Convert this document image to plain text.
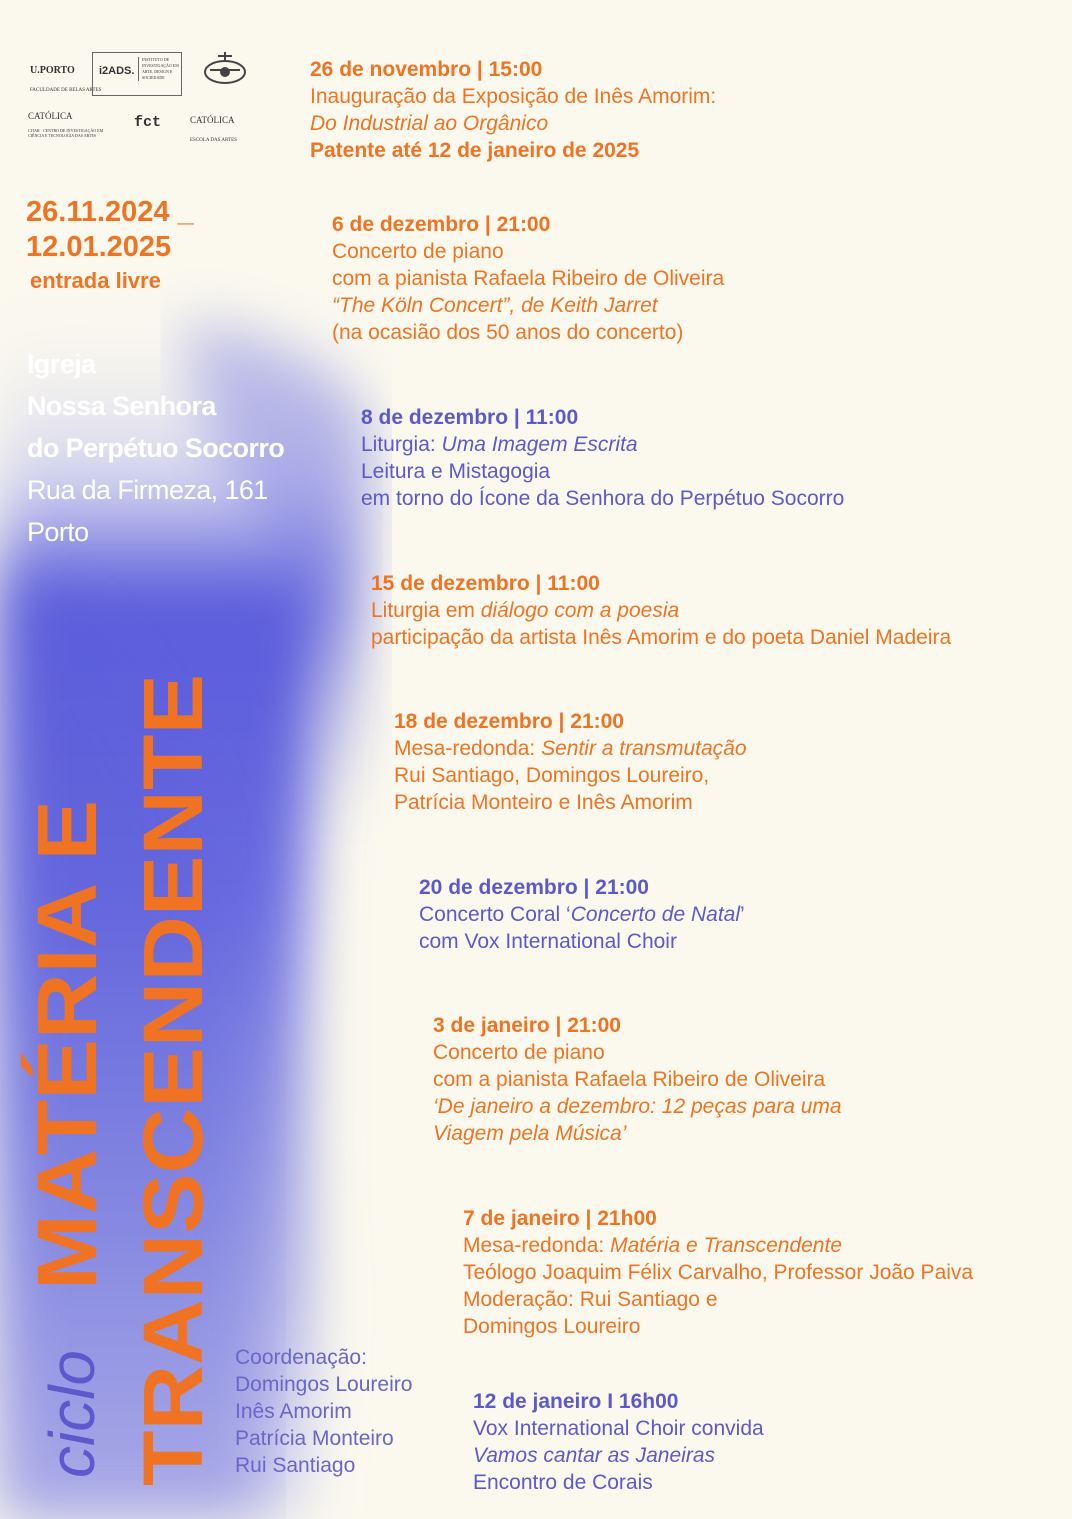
U.PORTO
FACULDADE DE BELAS ARTES
i2ADS.
INSTITUTO DE INVESTIGAÇÃO EM ARTE, DESIGN E SOCIEDADE
CATÓLICA
CITAR · CENTRO DE INVESTIGAÇÃO EM CIÊNCIA E TECNOLOGIA DAS ARTES
fct	CATÓLICA
ESCOLA DAS ARTES
26.11.2024 _
12.01.2025
entrada livre
Igreja
Nossa Senhora
do Perpétuo Socorro
Rua da Firmeza, 161
Porto
ciclo
MATÉRIA E TRANSCENDENTE
26 de novembro | 15:00
Inauguração da Exposição de Inês Amorim:
Do Industrial ao Orgânico
Patente até 12 de janeiro de 2025
6 de dezembro | 21:00
Concerto de piano
com a pianista Rafaela Ribeiro de Oliveira
“The Köln Concert”, de Keith Jarret
(na ocasião dos 50 anos do concerto)
8 de dezembro | 11:00
Liturgia: Uma Imagem Escrita
Leitura e Mistagogia
em torno do Ícone da Senhora do Perpétuo Socorro
15 de dezembro | 11:00
Liturgia em diálogo com a poesia
participação da artista Inês Amorim e do poeta Daniel Madeira
18 de dezembro | 21:00
Mesa-redonda: Sentir a transmutação
Rui Santiago, Domingos Loureiro,
Patrícia Monteiro e Inês Amorim
20 de dezembro | 21:00
Concerto Coral ‘Concerto de Natal’
com Vox International Choir
3 de janeiro | 21:00
Concerto de piano
com a pianista Rafaela Ribeiro de Oliveira
‘De janeiro a dezembro: 12 peças para uma
Viagem pela Música’
7 de janeiro | 21h00
Mesa-redonda: Matéria e Transcendente
Teólogo Joaquim Félix Carvalho, Professor João Paiva
Moderação: Rui Santiago e
Domingos Loureiro
12 de janeiro I 16h00
Vox International Choir convida
Vamos cantar as Janeiras
Encontro de Corais
Coordenação:
Domingos Loureiro
Inês Amorim
Patrícia Monteiro
Rui Santiago
